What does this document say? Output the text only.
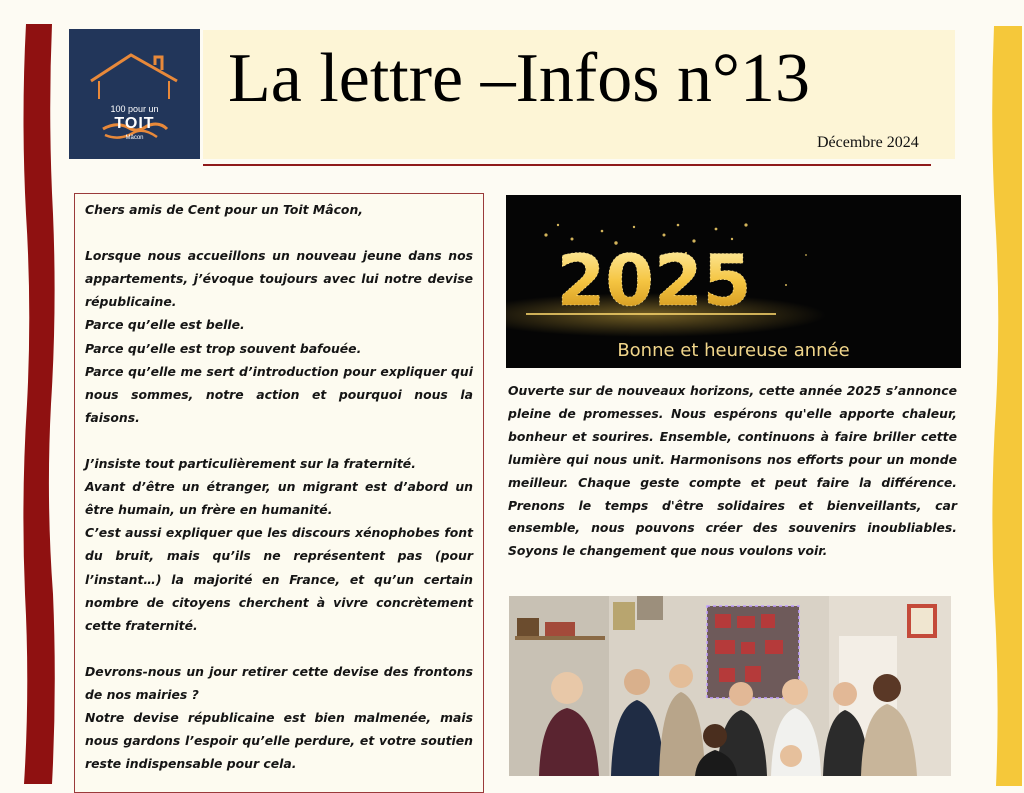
100 pour un
TOIT
Mâcon
La lettre –Infos n°13
Décembre 2024

Chers amis de Cent pour un Toit Mâcon,

Lorsque nous accueillons un nouveau jeune dans nos appartements, j’évoque toujours avec lui notre devise républicaine.

Parce qu’elle est belle.

Parce qu’elle est trop souvent bafouée.

Parce qu’elle me sert d’introduction pour expliquer qui nous sommes, notre action et pourquoi nous la faisons.

J’insiste tout particulièrement sur la fraternité.

Avant d’être un étranger, un migrant est d’abord un être humain, un frère en humanité.

C’est aussi expliquer que les discours xénophobes font du bruit, mais qu’ils ne représentent pas (pour l’instant…) la majorité en France, et qu’un certain nombre de citoyens cherchent à vivre concrètement cette fraternité.

Devrons-nous un jour retirer cette devise des frontons de nos mairies ?

Notre devise républicaine est bien malmenée, mais nous gardons l’espoir qu’elle perdure, et votre soutien reste indispensable pour cela.

2025
Bonne et heureuse année

Ouverte sur de nouveaux horizons, cette année 2025 s’annonce pleine de promesses. Nous espérons qu'elle apporte chaleur, bonheur et sourires. Ensemble, continuons à faire briller cette lumière qui nous unit. Harmonisons nos efforts pour un monde meilleur. Chaque geste compte et peut faire la différence. Prenons le temps d'être solidaires et bienveillants, car ensemble, nous pouvons créer des souvenirs inoubliables. Soyons le changement que nous voulons voir.
